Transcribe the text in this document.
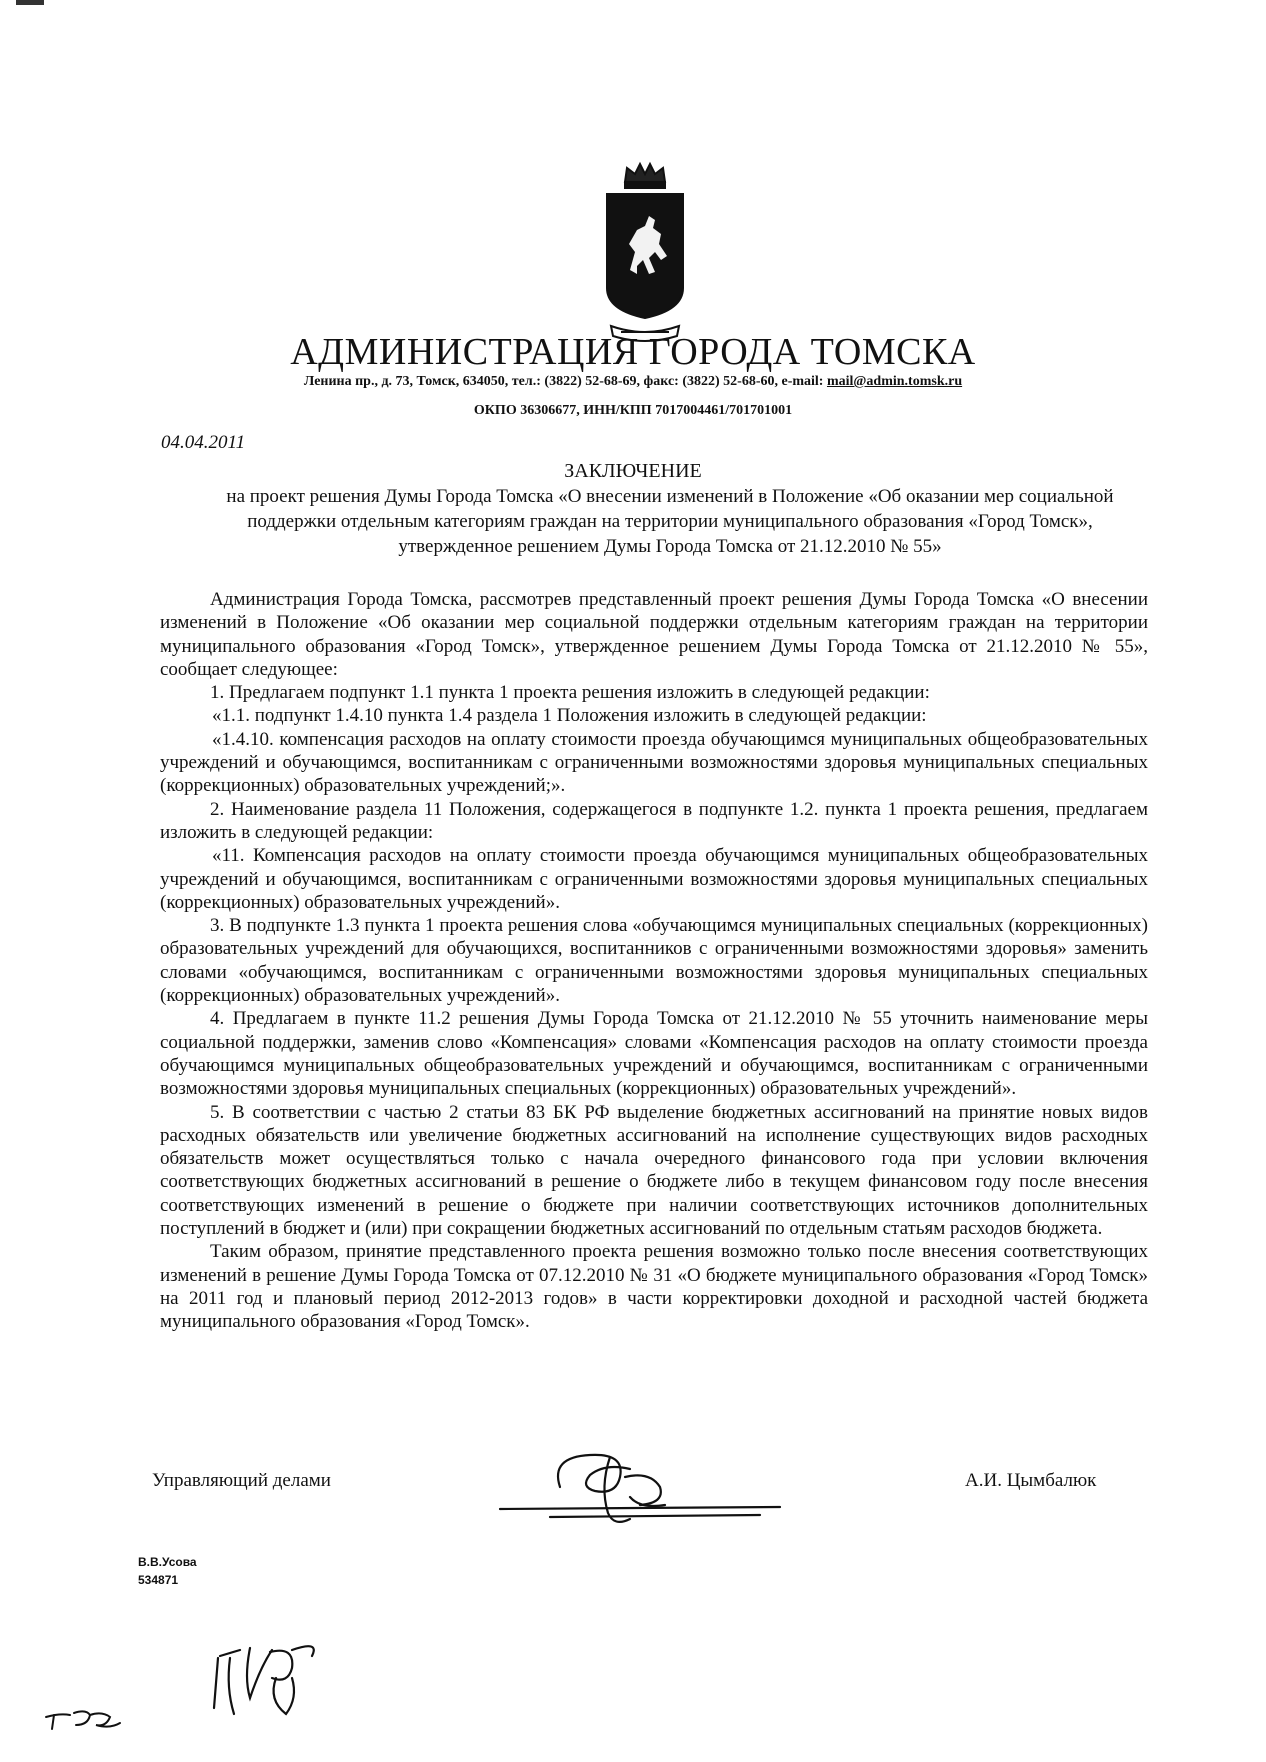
АДМИНИСТРАЦИЯ ГОРОДА ТОМСКА
Ленина пр., д. 73, Томск, 634050, тел.: (3822) 52-68-69, факс: (3822) 52-68-60, e-mail: mail@admin.tomsk.ru
ОКПО 36306677, ИНН/КПП 7017004461/701701001
04.04.2011
ЗАКЛЮЧЕНИЕ
на проект решения Думы Города Томска «О внесении изменений в Положение «Об оказании мер социальной поддержки отдельным категориям граждан на территории муниципального образования «Город Томск», утвержденное решением Думы Города Томска от 21.12.2010 № 55»

Администрация Города Томска, рассмотрев представленный проект решения Думы Города Томска «О внесении изменений в Положение «Об оказании мер социальной поддержки отдельным категориям граждан на территории муниципального образования «Город Томск», утвержденное решением Думы Города Томска от 21.12.2010 № 55», сообщает следующее:

1. Предлагаем подпункт 1.1 пункта 1 проекта решения изложить в следующей редакции:

«1.1. подпункт 1.4.10 пункта 1.4 раздела 1 Положения изложить в следующей редакции:

«1.4.10. компенсация расходов на оплату стоимости проезда обучающимся муниципальных общеобразовательных учреждений и обучающимся, воспитанникам с ограниченными возможностями здоровья муниципальных специальных (коррекционных) образовательных учреждений;».

2. Наименование раздела 11 Положения, содержащегося в подпункте 1.2. пункта 1 проекта решения, предлагаем изложить в следующей редакции:

«11. Компенсация расходов на оплату стоимости проезда обучающимся муниципальных общеобразовательных учреждений и обучающимся, воспитанникам с ограниченными возможностями здоровья муниципальных специальных (коррекционных) образовательных учреждений».

3. В подпункте 1.3 пункта 1 проекта решения слова «обучающимся муниципальных специальных (коррекционных) образовательных учреждений для обучающихся, воспитанников с ограниченными возможностями здоровья» заменить словами «обучающимся, воспитанникам с ограниченными возможностями здоровья муниципальных специальных (коррекционных) образовательных учреждений».

4. Предлагаем в пункте 11.2 решения Думы Города Томска от 21.12.2010 № 55 уточнить наименование меры социальной поддержки, заменив слово «Компенсация» словами «Компенсация расходов на оплату стоимости проезда обучающимся муниципальных общеобразовательных учреждений и обучающимся, воспитанникам с ограниченными возможностями здоровья муниципальных специальных (коррекционных) образовательных учреждений».

5. В соответствии с частью 2 статьи 83 БК РФ выделение бюджетных ассигнований на принятие новых видов расходных обязательств или увеличение бюджетных ассигнований на исполнение существующих видов расходных обязательств может осуществляться только с начала очередного финансового года при условии включения соответствующих бюджетных ассигнований в решение о бюджете либо в текущем финансовом году после внесения соответствующих изменений в решение о бюджете при наличии соответствующих источников дополнительных поступлений в бюджет и (или) при сокращении бюджетных ассигнований по отдельным статьям расходов бюджета.

Таким образом, принятие представленного проекта решения возможно только после внесения соответствующих изменений в решение Думы Города Томска от 07.12.2010 № 31 «О бюджете муниципального образования «Город Томск» на 2011 год и плановый период 2012-2013 годов» в части корректировки доходной и расходной частей бюджета муниципального образования «Город Томск».

Управляющий делами	А.И. Цымбалюк
В.В.Усова
534871
